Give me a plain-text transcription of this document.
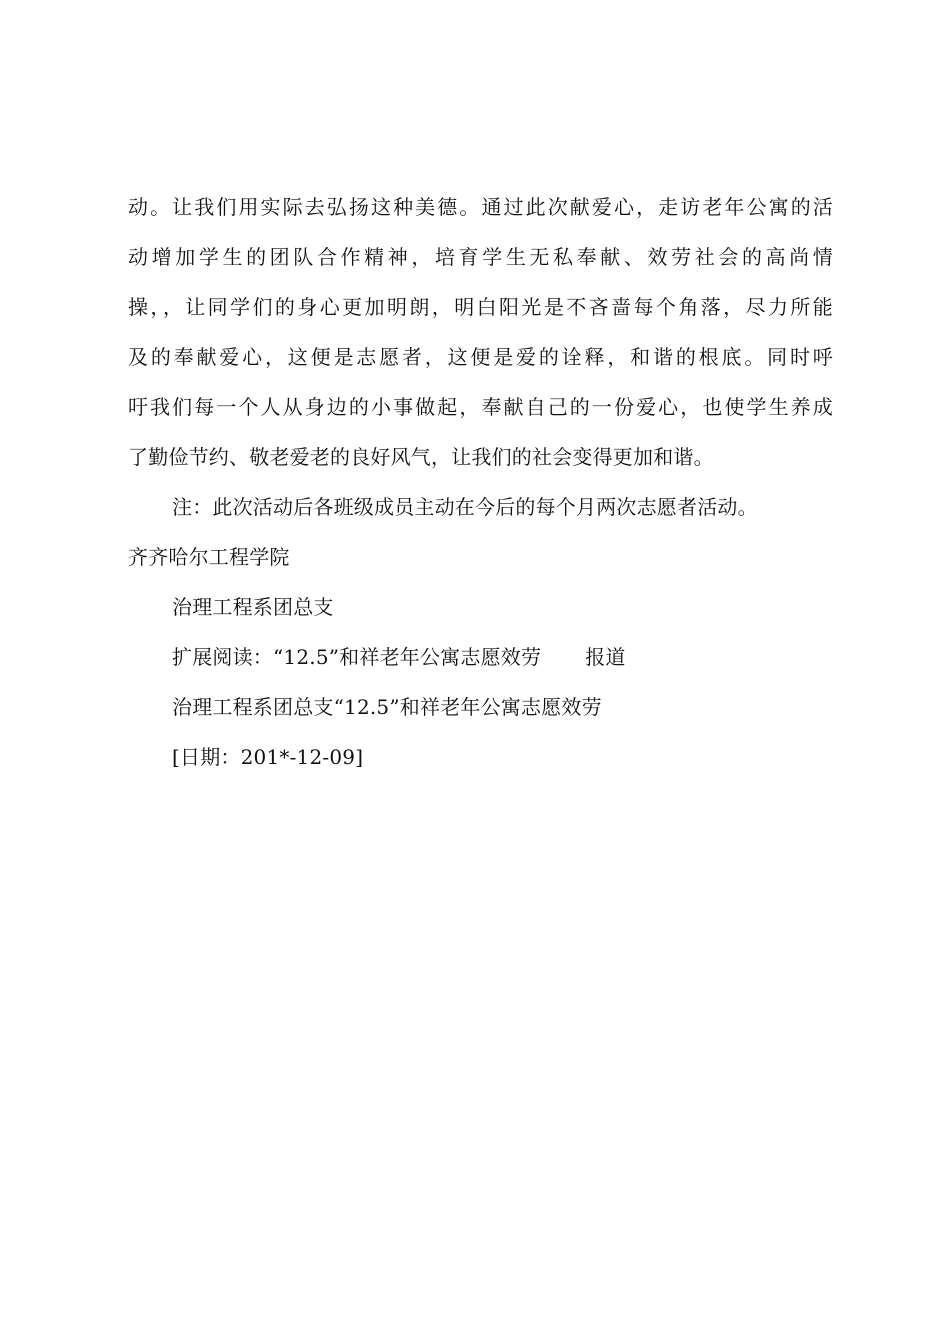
动。让我们用实际去弘扬这种美德。通过此次献爱心，走访老年公寓的活
动增加学生的团队合作精神，培育学生无私奉献、效劳社会的高尚情
操，，让同学们的身心更加明朗，明白阳光是不吝啬每个角落，尽力所能
及的奉献爱心，这便是志愿者，这便是爱的诠释，和谐的根底。同时呼
吁我们每一个人从身边的小事做起，奉献自己的一份爱心，也使学生养成
了勤俭节约、敬老爱老的良好风气，让我们的社会变得更加和谐。
注：此次活动后各班级成员主动在今后的每个月两次志愿者活动。
齐齐哈尔工程学院
治理工程系团总支
扩展阅读：“12.5”和祥老年公寓志愿效劳 报道
治理工程系团总支“12.5”和祥老年公寓志愿效劳
[日期：201*-12-09]
